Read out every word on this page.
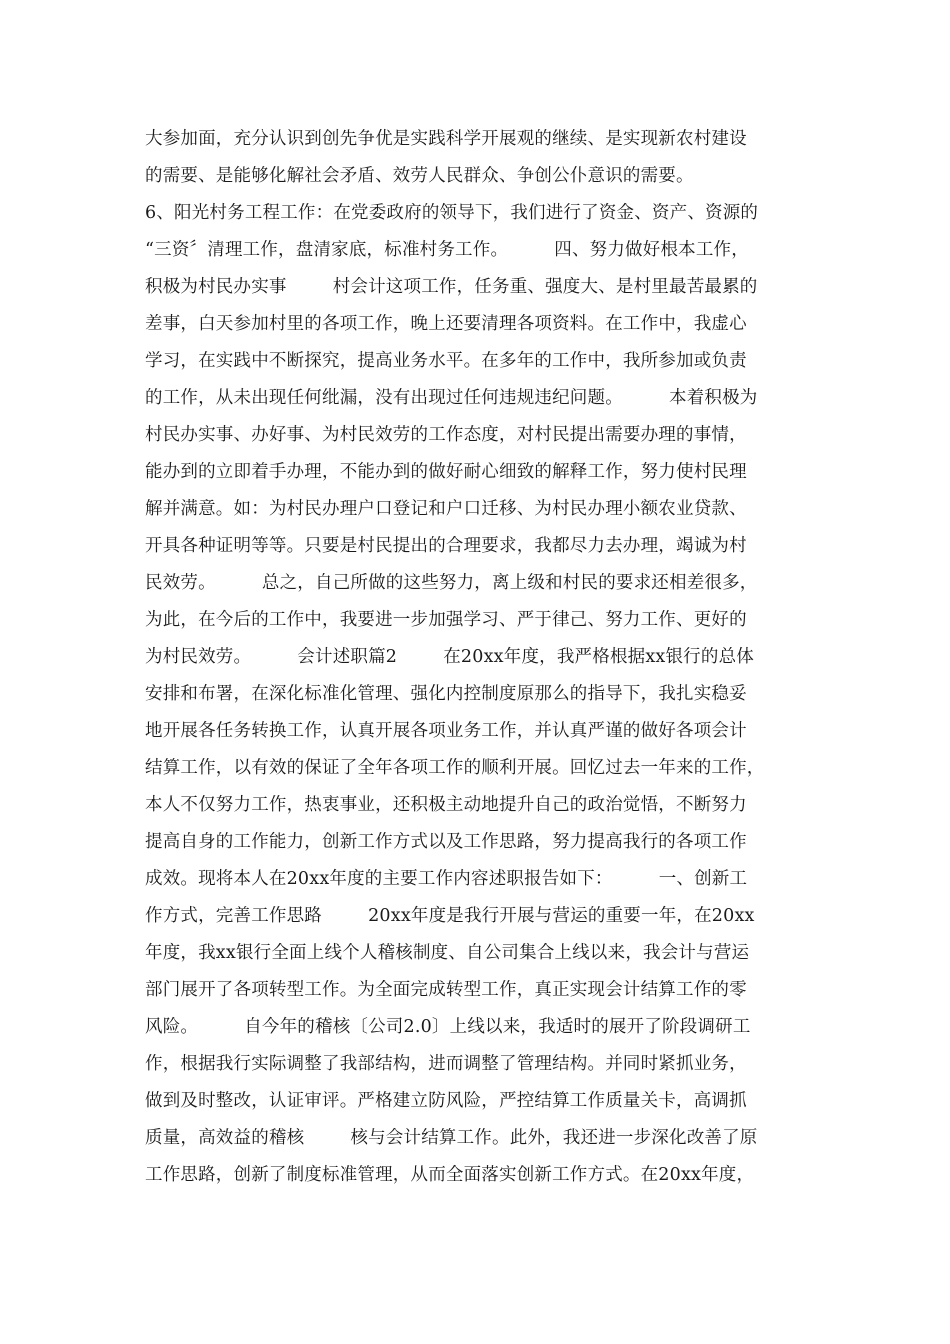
大参加面，充分认识到创先争优是实践科学开展观的继续、是实现新农村建设
的需要、是能够化解社会矛盾、效劳人民群众、争创公仆意识的需要。
6、阳光村务工程工作：在党委政府的领导下，我们进行了资金、资产、资源的
“三资〞清理工作，盘清家底，标准村务工作。        四、努力做好根本工作，
积极为村民办实事        村会计这项工作，任务重、强度大、是村里最苦最累的
差事，白天参加村里的各项工作，晚上还要清理各项资料。在工作中，我虚心
学习，在实践中不断探究，提高业务水平。在多年的工作中，我所参加或负责
的工作，从未出现任何纰漏，没有出现过任何违规违纪问题。        本着积极为
村民办实事、办好事、为村民效劳的工作态度，对村民提出需要办理的事情，
能办到的立即着手办理，不能办到的做好耐心细致的解释工作，努力使村民理
解并满意。如：为村民办理户口登记和户口迁移、为村民办理小额农业贷款、
开具各种证明等等。只要是村民提出的合理要求，我都尽力去办理，竭诚为村
民效劳。        总之，自己所做的这些努力，离上级和村民的要求还相差很多，
为此，在今后的工作中，我要进一步加强学习、严于律己、努力工作、更好的
为村民效劳。        会计述职篇2        在20xx年度，我严格根据xx银行的总体
安排和布署，在深化标准化管理、强化内控制度原那么的指导下，我扎实稳妥
地开展各任务转换工作，认真开展各项业务工作，并认真严谨的做好各项会计
结算工作，以有效的保证了全年各项工作的顺利开展。回忆过去一年来的工作，
本人不仅努力工作，热衷事业，还积极主动地提升自己的政治觉悟，不断努力
提高自身的工作能力，创新工作方式以及工作思路，努力提高我行的各项工作
成效。现将本人在20xx年度的主要工作内容述职报告如下：        一、创新工
作方式，完善工作思路        20xx年度是我行开展与营运的重要一年，在20xx
年度，我xx银行全面上线个人稽核制度、自公司集合上线以来，我会计与营运
部门展开了各项转型工作。为全面完成转型工作，真正实现会计结算工作的零
风险。        自今年的稽核〔公司2.0〕上线以来，我适时的展开了阶段调研工
作，根据我行实际调整了我部结构，进而调整了管理结构。并同时紧抓业务，
做到及时整改，认证审评。严格建立防风险，严控结算工作质量关卡，高调抓
质量，高效益的稽核        核与会计结算工作。此外，我还进一步深化改善了原
工作思路，创新了制度标准管理，从而全面落实创新工作方式。在20xx年度，
